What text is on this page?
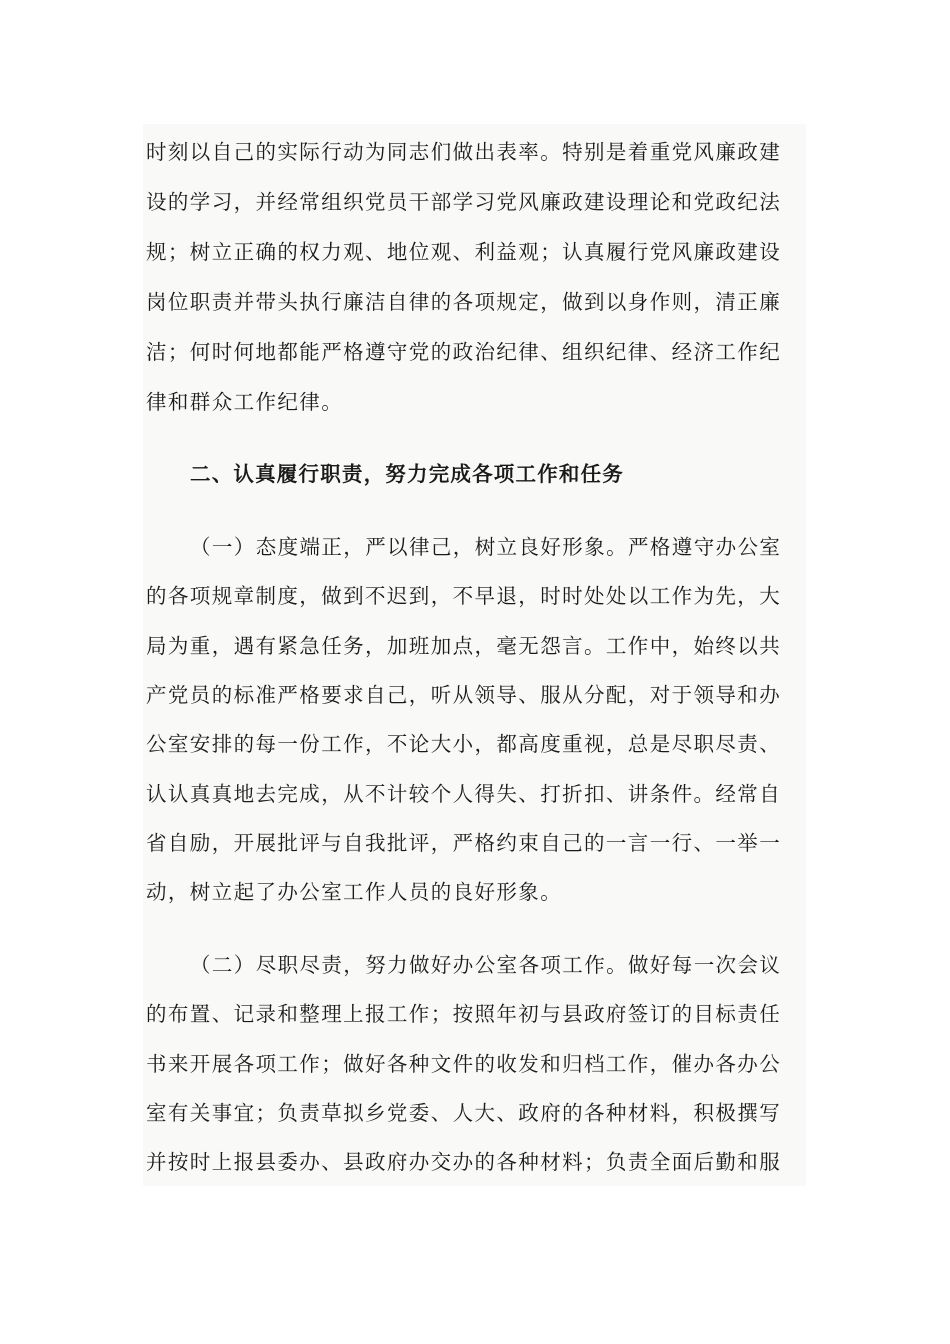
时刻以自己的实际行动为同志们做出表率。特别是着重党风廉政建
设的学习，并经常组织党员干部学习党风廉政建设理论和党政纪法
规；树立正确的权力观、地位观、利益观；认真履行党风廉政建设
岗位职责并带头执行廉洁自律的各项规定，做到以身作则，清正廉
洁；何时何地都能严格遵守党的政治纪律、组织纪律、经济工作纪
律和群众工作纪律。
二、认真履行职责，努力完成各项工作和任务
（一）态度端正，严以律己，树立良好形象。严格遵守办公室
的各项规章制度，做到不迟到，不早退，时时处处以工作为先，大
局为重，遇有紧急任务，加班加点，毫无怨言。工作中，始终以共
产党员的标准严格要求自己，听从领导、服从分配，对于领导和办
公室安排的每一份工作，不论大小，都高度重视，总是尽职尽责、
认认真真地去完成，从不计较个人得失、打折扣、讲条件。经常自
省自励，开展批评与自我批评，严格约束自己的一言一行、一举一
动，树立起了办公室工作人员的良好形象。
（二）尽职尽责，努力做好办公室各项工作。做好每一次会议
的布置、记录和整理上报工作；按照年初与县政府签订的目标责任
书来开展各项工作；做好各种文件的收发和归档工作，催办各办公
室有关事宜；负责草拟乡党委、人大、政府的各种材料，积极撰写
并按时上报县委办、县政府办交办的各种材料；负责全面后勤和服
